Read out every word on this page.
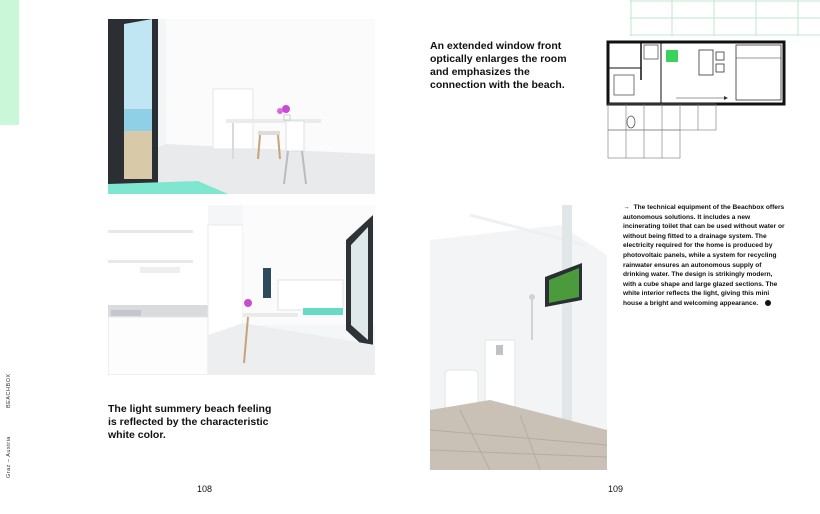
Graz – Austria
BEACHBOX
An extended window front optically enlarges the room and emphasizes the connection with the beach.
The light summery beach feeling is reflected by the characteristic white color.
→ The technical equipment of the Beachbox offers autonomous solutions. It includes a new incinerating toilet that can be used without water or without being fitted to a drainage system. The electricity required for the home is produced by photovoltaic panels, while a system for recycling rainwater ensures an autonomous supply of drinking water. The design is strikingly modern, with a cube shape and large glazed sections. The white interior reflects the light, giving this mini house a bright and welcoming appearance.
108	109
